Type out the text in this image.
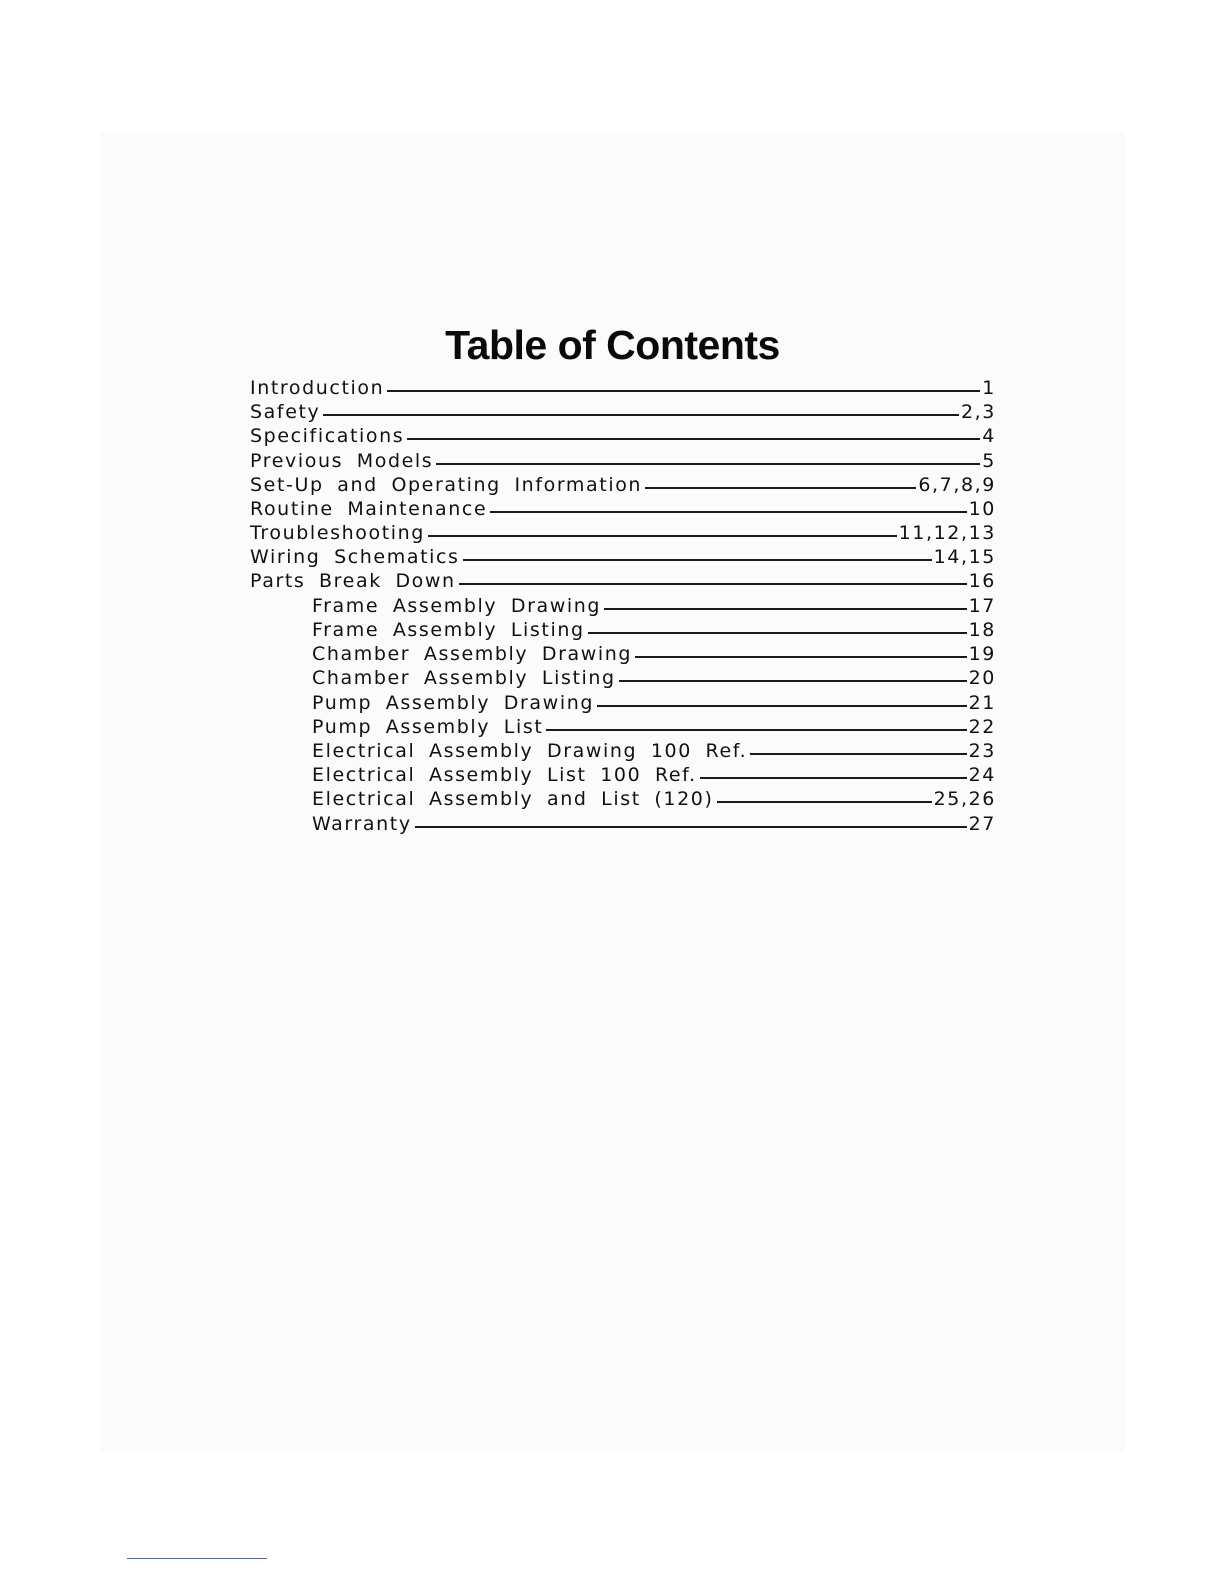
Table of Contents
Introduction	1
Safety	2,3
Specifications	4
Previous Models	5
Set-Up and Operating Information	6,7,8,9
Routine Maintenance	10
Troubleshooting	11,12,13
Wiring Schematics	14,15
Parts Break Down	16
Frame Assembly Drawing	17
Frame Assembly Listing	18
Chamber Assembly Drawing	19
Chamber Assembly Listing	20
Pump Assembly Drawing	21
Pump Assembly List	22
Electrical Assembly Drawing 100 Ref.	23
Electrical Assembly List 100 Ref.	24
Electrical Assembly and List (120)	25,26
Warranty	27
